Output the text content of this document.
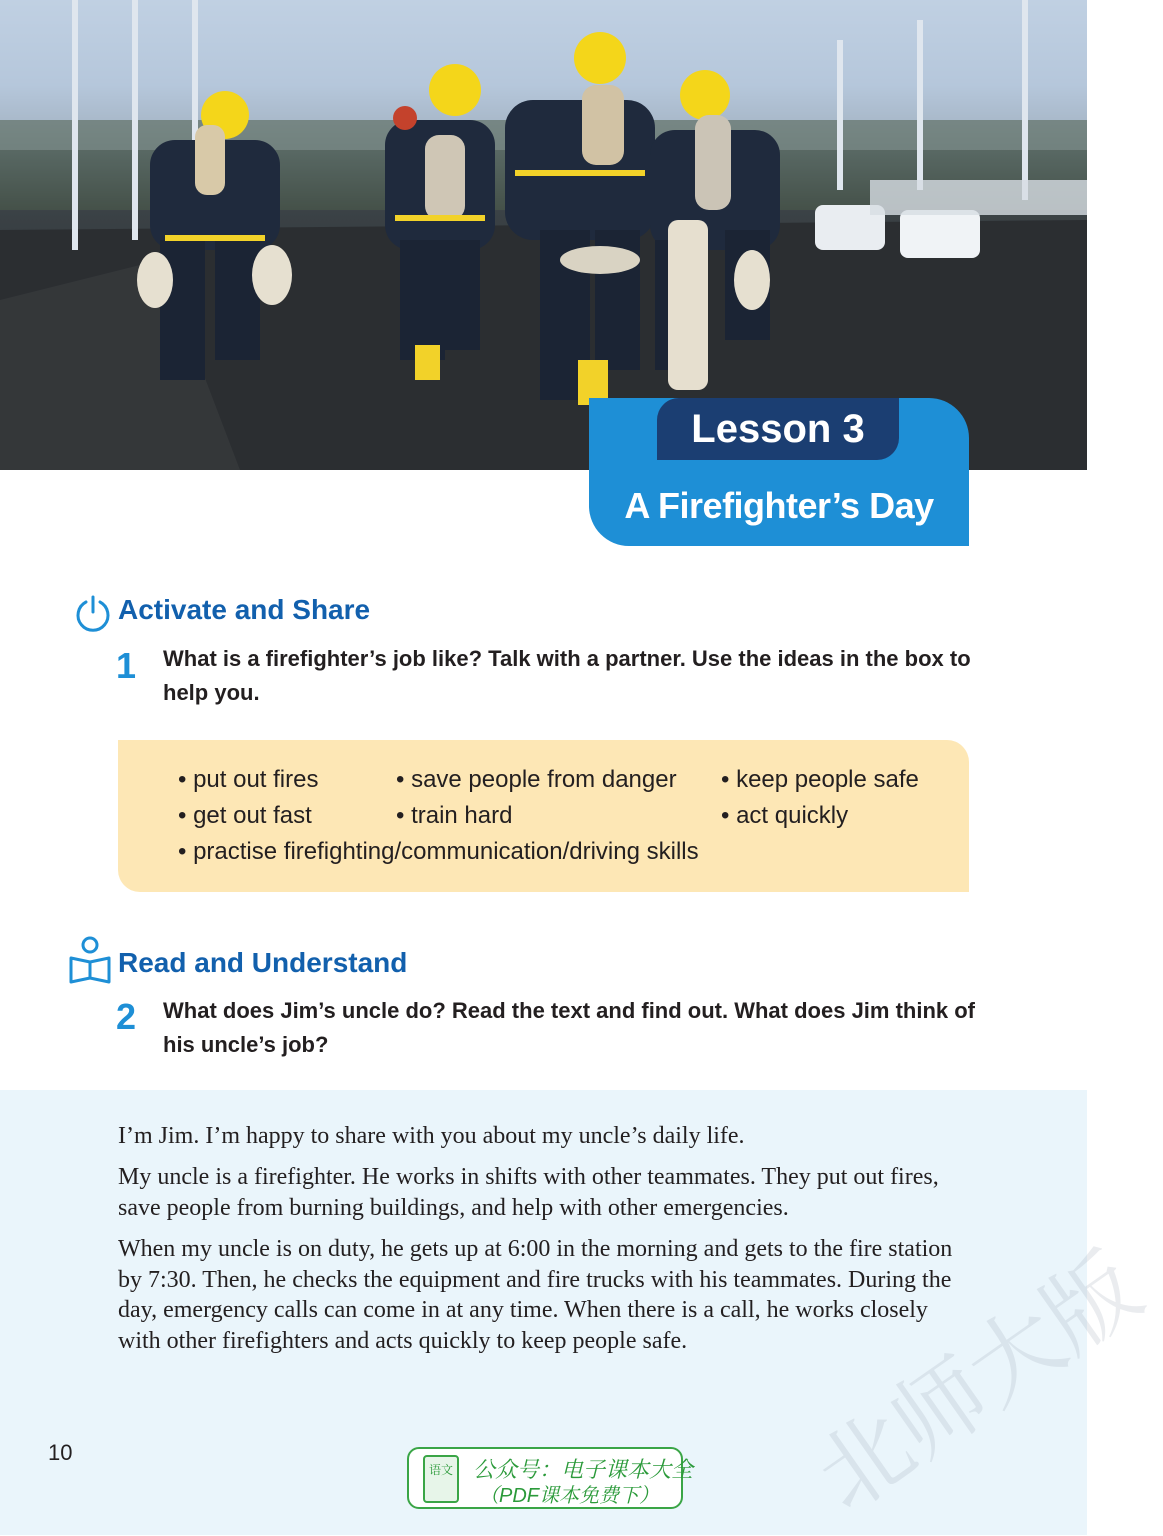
Lesson 3
A Firefighter’s Day
Activate and Share
1 What is a firefighter’s job like? Talk with a partner. Use the ideas in the box to help you.
• put out fires	• save people from danger • keep people safe
• get out fast	• train hard	• act quickly
• practise firefighting/communication/driving skills
Read and Understand
2 What does Jim’s uncle do? Read the text and find out. What does Jim think of his uncle’s job?
I’m Jim. I’m happy to share with you about my uncle’s daily life.
My uncle is a firefighter. He works in shifts with other teammates. They put out fires, save people from burning buildings, and help with other emergencies.
When my uncle is on duty, he gets up at 6:00 in the morning and gets to the fire station by 7:30. Then, he checks the equipment and fire trucks with his teammates. During the day, emergency calls can come in at any time. When there is a call, he works closely with other firefighters and acts quickly to keep people safe.	北师大版
10
语文 公众号：电子课本大全
（PDF课本免费下）
